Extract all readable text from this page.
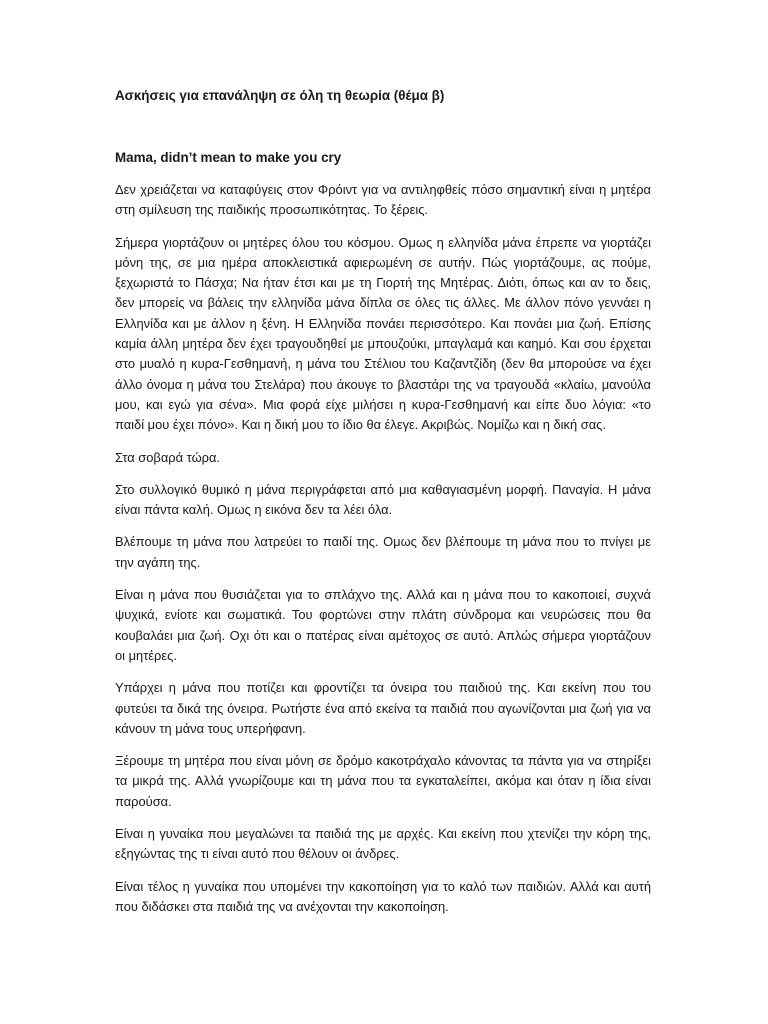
Ασκήσεις για επανάληψη σε όλη τη θεωρία (θέμα β)
Mama, didn’t mean to make you cry

Δεν χρειάζεται να καταφύγεις στον Φρόιντ για να αντιληφθείς πόσο σημαντική είναι η μητέρα στη σμίλευση της παιδικής προσωπικότητας. Το ξέρεις.

Σήμερα γιορτάζουν οι μητέρες όλου του κόσμου. Ομως η ελληνίδα μάνα έπρεπε να γιορτάζει μόνη της, σε μια ημέρα αποκλειστικά αφιερωμένη σε αυτήν. Πώς γιορτάζουμε, ας πούμε, ξεχωριστά το Πάσχα; Να ήταν έτσι και με τη Γιορτή της Μητέρας. Διότι, όπως και αν το δεις, δεν μπορείς να βάλεις την ελληνίδα μάνα δίπλα σε όλες τις άλλες. Με άλλον πόνο γεννάει η Ελληνίδα και με άλλον η ξένη. Η Ελληνίδα πονάει περισσότερο. Και πονάει μια ζωή. Επίσης καμία άλλη μητέρα δεν έχει τραγουδηθεί με μπουζούκι, μπαγλαμά και καημό. Και σου έρχεται στο μυαλό η κυρα-Γεσθημανή, η μάνα του Στέλιου του Καζαντζίδη (δεν θα μπορούσε να έχει άλλο όνομα η μάνα του Στελάρα) που άκουγε το βλαστάρι της να τραγουδά «κλαίω, μανούλα μου, και εγώ για σένα». Μια φορά είχε μιλήσει η κυρα-Γεσθημανή και είπε δυο λόγια: «το παιδί μου έχει πόνο». Και η δική μου το ίδιο θα έλεγε. Ακριβώς. Νομίζω και η δική σας.

Στα σοβαρά τώρα.

Στο συλλογικό θυμικό η μάνα περιγράφεται από μια καθαγιασμένη μορφή. Παναγία. Η μάνα είναι πάντα καλή. Ομως η εικόνα δεν τα λέει όλα.

Βλέπουμε τη μάνα που λατρεύει το παιδί της. Ομως δεν βλέπουμε τη μάνα που το πνίγει με την αγάπη της.

Είναι η μάνα που θυσιάζεται για το σπλάχνο της. Αλλά και η μάνα που το κακοποιεί, συχνά ψυχικά, ενίοτε και σωματικά. Του φορτώνει στην πλάτη σύνδρομα και νευρώσεις που θα κουβαλάει μια ζωή. Οχι ότι και ο πατέρας είναι αμέτοχος σε αυτό. Απλώς σήμερα γιορτάζουν οι μητέρες.

Υπάρχει η μάνα που ποτίζει και φροντίζει τα όνειρα του παιδιού της. Και εκείνη που του φυτεύει τα δικά της όνειρα. Ρωτήστε ένα από εκείνα τα παιδιά που αγωνίζονται μια ζωή για να κάνουν τη μάνα τους υπερήφανη.

Ξέρουμε τη μητέρα που είναι μόνη σε δρόμο κακοτράχαλο κάνοντας τα πάντα για να στηρίξει τα μικρά της. Αλλά γνωρίζουμε και τη μάνα που τα εγκαταλείπει, ακόμα και όταν η ίδια είναι παρούσα.

Είναι η γυναίκα που μεγαλώνει τα παιδιά της με αρχές. Και εκείνη που χτενίζει την κόρη της, εξηγώντας της τι είναι αυτό που θέλουν οι άνδρες.

Είναι τέλος η γυναίκα που υπομένει την κακοποίηση για το καλό των παιδιών. Αλλά και αυτή που διδάσκει στα παιδιά της να ανέχονται την κακοποίηση.
